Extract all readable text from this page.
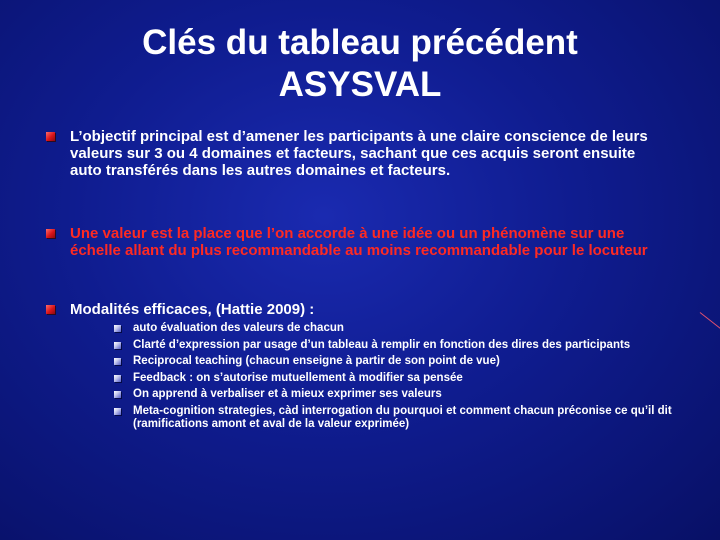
Clés du tableau précédent
ASYSVAL
L’objectif principal est d’amener les participants à une claire conscience de leurs valeurs sur 3 ou 4 domaines et facteurs, sachant que ces acquis seront ensuite auto transférés dans les autres domaines et facteurs.
Une valeur est la place que l’on accorde à une idée ou un phénomène sur une échelle allant du plus recommandable au moins recommandable pour le locuteur
Modalités efficaces, (Hattie 2009) :
auto évaluation des valeurs de chacun
Clarté d’expression par usage d’un tableau à remplir en fonction des dires des participants
Reciprocal teaching (chacun enseigne à partir de son point de vue)
Feedback : on s’autorise mutuellement à modifier sa pensée
On apprend à verbaliser et à mieux exprimer ses valeurs
Meta-cognition strategies, càd interrogation du pourquoi et comment chacun préconise ce qu’il dit (ramifications amont et aval de la valeur exprimée)
